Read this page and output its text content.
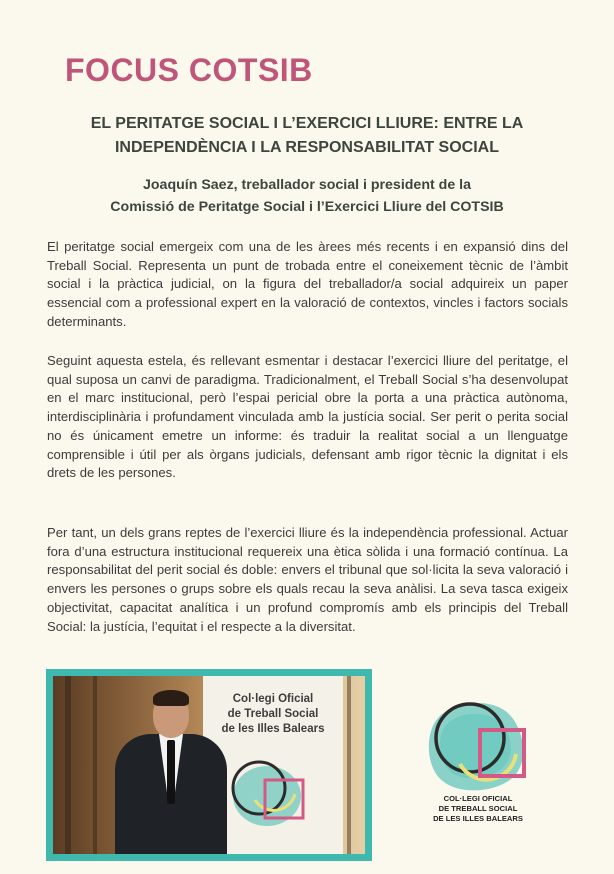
FOCUS COTSIB
EL PERITATGE SOCIAL I L’EXERCICI LLIURE: ENTRE LA
INDEPENDÈNCIA I LA RESPONSABILITAT SOCIAL
Joaquín Saez, treballador social i president de la
Comissió de Peritatge Social i l’Exercici Lliure del COTSIB

El peritatge social emergeix com una de les àrees més recents i en expansió dins del Treball Social. Representa un punt de trobada entre el coneixement tècnic de l’àmbit social i la pràctica judicial, on la figura del treballador/a social adquireix un paper essencial com a professional expert en la valoració de contextos, vincles i factors socials determinants.

Seguint aquesta estela, és rellevant esmentar i destacar l’exercici lliure del peritatge, el qual suposa un canvi de paradigma. Tradicionalment, el Treball Social s’ha desenvolupat en el marc institucional, però l’espai pericial obre la porta a una pràctica autònoma, interdisciplinària i profundament vinculada amb la justícia social. Ser perit o perita social no és únicament emetre un informe: és traduir la realitat social a un llenguatge comprensible i útil per als òrgans judicials, defensant amb rigor tècnic la dignitat i els drets de les persones.

Per tant, un dels grans reptes de l’exercici lliure és la independència professional. Actuar fora d’una estructura institucional requereix una ètica sòlida i una formació contínua. La responsabilitat del perit social és doble: envers el tribunal que sol·licita la seva valoració i envers les persones o grups sobre els quals recau la seva anàlisi. La seva tasca exigeix objectivitat, capacitat analítica i un profund compromís amb els principis del Treball Social: la justícia, l’equitat i el respecte a la diversitat.

Col·legi Oficial
de Treball Social
de les Illes Balears
COL·LEGI OFICIAL
DE TREBALL SOCIAL
DE LES ILLES BALEARS
